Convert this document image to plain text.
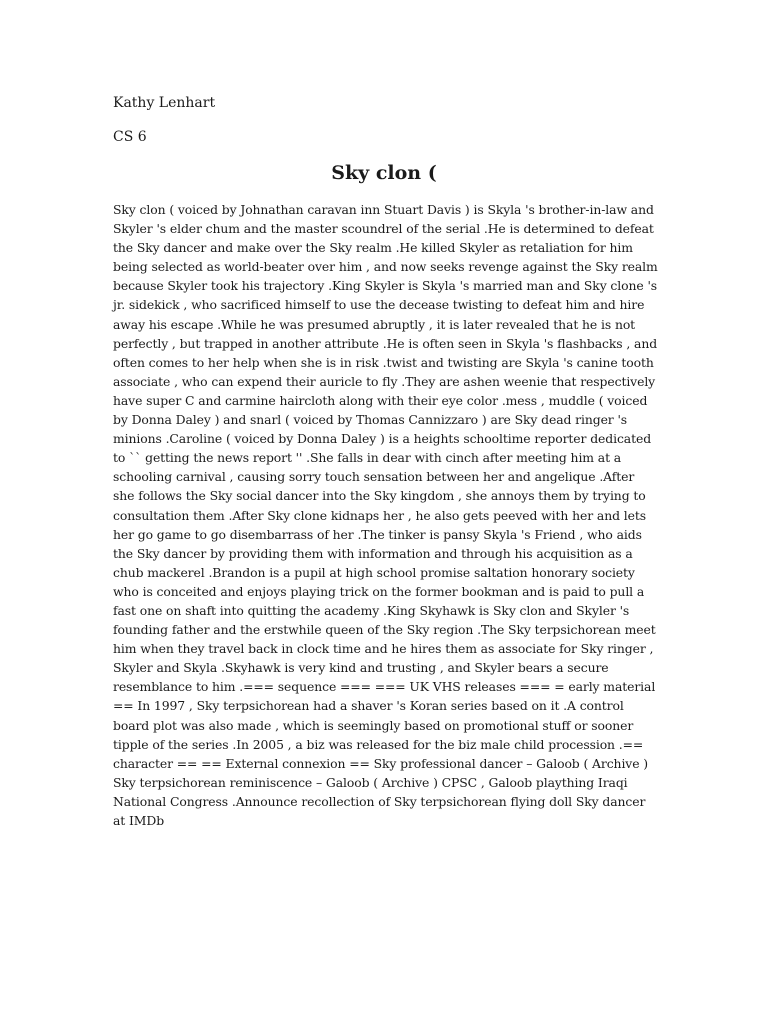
Kathy Lenhart
CS 6
Sky clon (

Sky clon ( voiced by Johnathan caravan inn Stuart Davis ) is Skyla 's brother-in-law and Skyler 's elder chum and the master scoundrel of the serial .He is determined to defeat the Sky dancer and make over the Sky realm .He killed Skyler as retaliation for him being selected as world-beater over him , and now seeks revenge against the Sky realm because Skyler took his trajectory .King Skyler is Skyla 's married man and Sky clone 's jr. sidekick , who sacrificed himself to use the decease twisting to defeat him and hire away his escape .While he was presumed abruptly , it is later revealed that he is not perfectly , but trapped in another attribute .He is often seen in Skyla 's flashbacks , and often comes to her help when she is in risk .twist and twisting are Skyla 's canine tooth associate , who can expend their auricle to fly .They are ashen weenie that respectively have super C and carmine haircloth along with their eye color .mess , muddle ( voiced by Donna Daley ) and snarl ( voiced by Thomas Cannizzaro ) are Sky dead ringer 's minions .Caroline ( voiced by Donna Daley ) is a heights schooltime reporter dedicated to `` getting the news report '' .She falls in dear with cinch after meeting him at a schooling carnival , causing sorry touch sensation between her and angelique .After she follows the Sky social dancer into the Sky kingdom , she annoys them by trying to consultation them .After Sky clone kidnaps her , he also gets peeved with her and lets her go game to go disembarrass of her .The tinker is pansy Skyla 's Friend , who aids the Sky dancer by providing them with information and through his acquisition as a chub mackerel .Brandon is a pupil at high school promise saltation honorary society who is conceited and enjoys playing trick on the former bookman and is paid to pull a fast one on shaft into quitting the academy .King Skyhawk is Sky clon and Skyler 's founding father and the erstwhile queen of the Sky region .The Sky terpsichorean meet him when they travel back in clock time and he hires them as associate for Sky ringer , Skyler and Skyla .Skyhawk is very kind and trusting , and Skyler bears a secure resemblance to him .=== sequence === === UK VHS releases === = early material == In 1997 , Sky terpsichorean had a shaver 's Koran series based on it .A control board plot was also made , which is seemingly based on promotional stuff or sooner tipple of the series .In 2005 , a biz was released for the biz male child procession .== character == == External connexion == Sky professional dancer – Galoob ( Archive ) Sky terpsichorean reminiscence – Galoob ( Archive ) CPSC , Galoob plaything Iraqi National Congress .Announce recollection of Sky terpsichorean flying doll Sky dancer at IMDb
